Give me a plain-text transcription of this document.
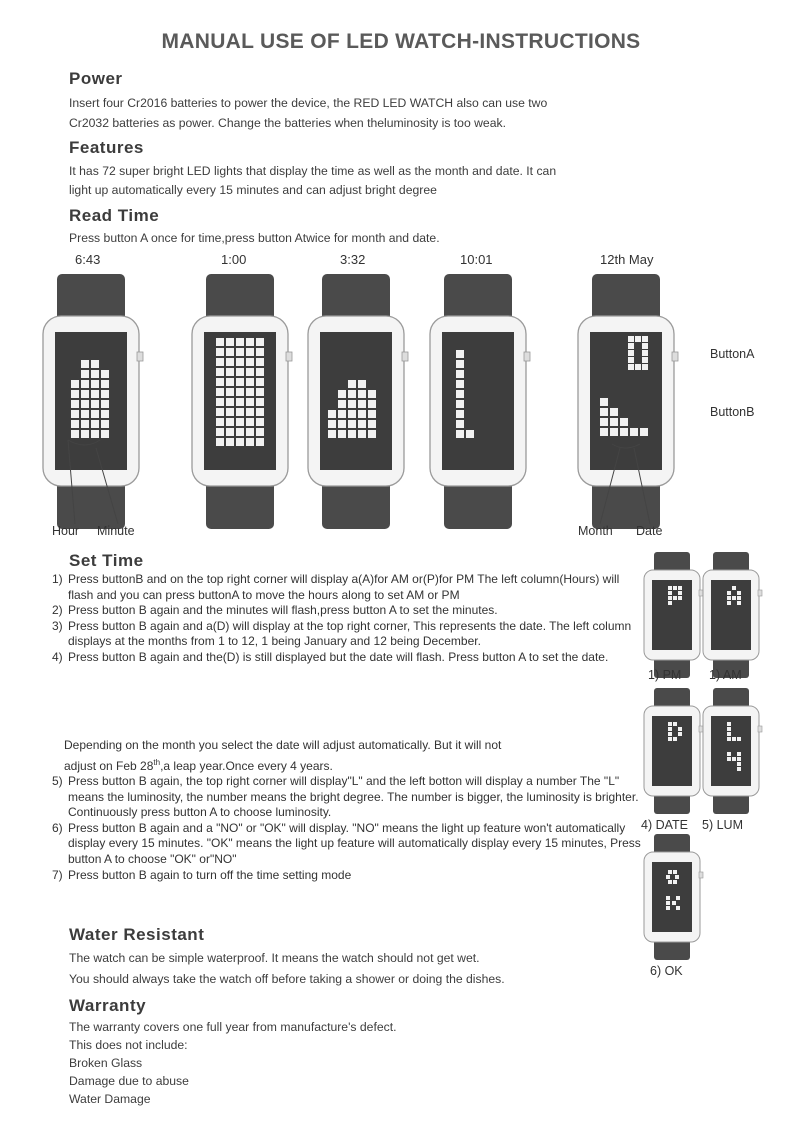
MANUAL USE OF LED WATCH-INSTRUCTIONS
Power
Insert four Cr2016 batteries to power the device, the RED LED WATCH also can use two
Cr2032 batteries as power. Change the batteries when theluminosity is too weak.
Features
It has 72 super bright LED lights that display the time as well as the month and date. It can
light up automatically every 15 minutes and can adjust bright degree
Read Time
Press button A once for time,press button Atwice for month and date.
6:43	1:00	3:32	10:01	12th May
ButtonA
ButtonB
Hour Minute	Month Date
Set Time
1) Press buttonB and on the top right corner will display a(A)for AM or(P)for PM The left column(Hours) will flash and you can press buttonA to move the hours along to set AM or PM
2) Press button B again and the minutes will flash,press button A to set the minutes.
3) Press button B again and a(D) will display at the top right corner, This represents the date. The left column displays at the months from 1 to 12, 1 being January and 12 being December.
4) Press button B again and the(D) is still displayed but the date will flash. Press button A to set the date.
Depending on the month you select the date will adjust automatically. But it will not
adjust on Feb 28th,a leap year.Once every 4 years.
5) Press button B again, the top right corner will display"L" and the left botton will display a number The "L" means the luminosity, the number means the bright degree. The number is bigger, the luminosity is brighter. Continuously press button A to choose luminosity.
6) Press button B again and a "NO" or "OK" will display. "NO" means the light up feature won't automatically display every 15 minutes. "OK" means the light up feature will automatically display every 15 minutes, Press button A to choose "OK" or"NO"
7) Press button B again to turn off the time setting mode
1) PM 1) AM
4) DATE 5) LUM
6) OK
Water Resistant
The watch can be simple waterproof. It means the watch should not get wet.
You should always take the watch off before taking a shower or doing the dishes.
Warranty
The warranty covers one full year from manufacture's defect.
This does not include:
Broken Glass
Damage due to abuse
Water Damage
